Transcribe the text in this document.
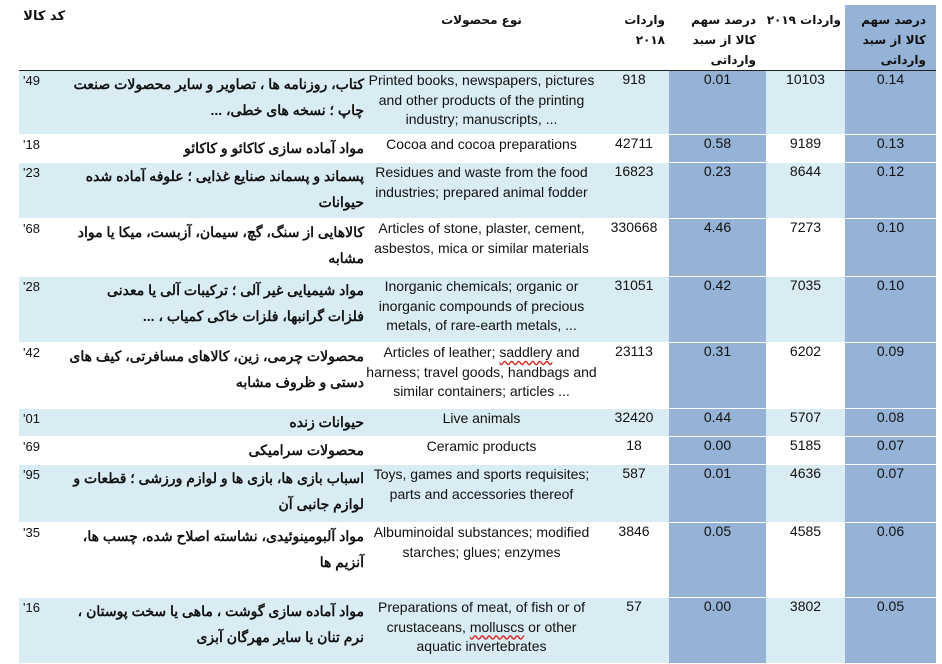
درصد سهم کالا از سبد وارداتی	واردات ۲۰۱۹	درصد سهم کالا از سبد وارداتی	واردات ۲۰۱۸	نوع محصولات		کد کالا
0.14	10103	0.01	918	Printed books, newspapers, pictures and other products of the printing industry; manuscripts, ...	کتاب، روزنامه ها ، تصاویر و سایر محصولات صنعت چاپ ؛ نسخه های خطی، ...	'49
0.13	9189	0.58	42711	Cocoa and cocoa preparations	مواد آماده سازی کاکائو و کاکائو	'18
0.12	8644	0.23	16823	Residues and waste from the food industries; prepared animal fodder	پسماند و پسماند صنایع غذایی ؛ علوفه آماده شده حیوانات	'23
0.10	7273	4.46	330668	Articles of stone, plaster, cement, asbestos, mica or similar materials	کالاهایی از سنگ، گچ، سیمان، آزبست، میکا یا مواد مشابه	'68
0.10	7035	0.42	31051	Inorganic chemicals; organic or inorganic compounds of precious metals, of rare-earth metals, ...	مواد شیمیایی غیر آلی ؛ ترکیبات آلی یا معدنی فلزات گرانبها، فلزات خاکی کمیاب ، ...	'28
0.09	6202	0.31	23113	Articles of leather; saddlery and harness; travel goods, handbags and similar containers; articles ...	محصولات چرمی، زین، کالاهای مسافرتی، کیف های دستی و ظروف مشابه	'42
0.08	5707	0.44	32420	Live animals	حیوانات زنده	'01
0.07	5185	0.00	18	Ceramic products	محصولات سرامیکی	'69
0.07	4636	0.01	587	Toys, games and sports requisites; parts and accessories thereof	اسباب بازی ها، بازی ها و لوازم ورزشی ؛ قطعات و لوازم جانبی آن	'95
0.06	4585	0.05	3846	Albuminoidal substances; modified starches; glues; enzymes	مواد آلبومینوئیدی، نشاسته اصلاح شده، چسب ها، آنزیم ها	'35
0.05	3802	0.00	57	Preparations of meat, of fish or of crustaceans, molluscs or other aquatic invertebrates	مواد آماده سازی گوشت ، ماهی یا سخت پوستان ، نرم تنان یا سایر مهرگان آبزی	'16
